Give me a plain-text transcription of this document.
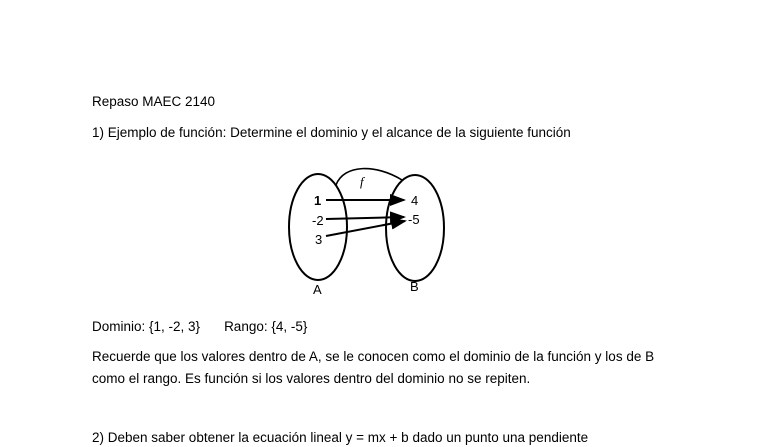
Repaso MAEC 2140
1) Ejemplo de función: Determine el dominio y el alcance de la siguiente función
f
1
-2
3
4
-5
A	B
Dominio: {1, -2, 3} Rango: {4, -5}
Recuerde que los valores dentro de A, se le conocen como el dominio de la función y los de B
como el rango. Es función si los valores dentro del dominio no se repiten.
2) Deben saber obtener la ecuación lineal y = mx + b dado un punto una pendiente
